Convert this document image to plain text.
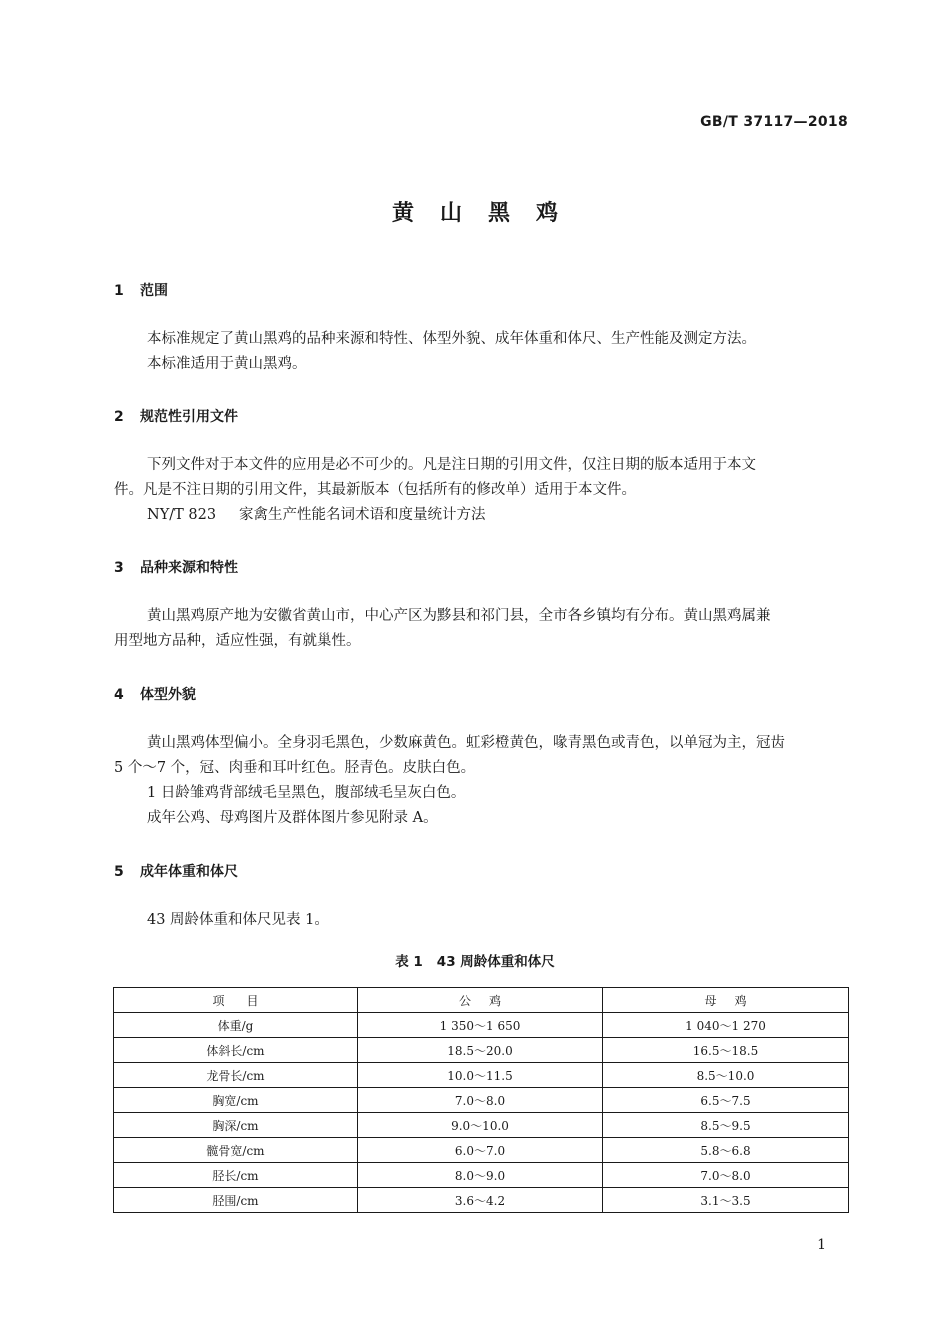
GB/T 37117—2018
黄山黑鸡
1 范围
本标准规定了黄山黑鸡的品种来源和特性、体型外貌、成年体重和体尺、生产性能及测定方法。
本标准适用于黄山黑鸡。
2 规范性引用文件
下列文件对于本文件的应用是必不可少的。凡是注日期的引用文件，仅注日期的版本适用于本文
件。凡是不注日期的引用文件，其最新版本（包括所有的修改单）适用于本文件。
NY/T 823 家禽生产性能名词术语和度量统计方法
3 品种来源和特性
黄山黑鸡原产地为安徽省黄山市，中心产区为黟县和祁门县，全市各乡镇均有分布。黄山黑鸡属兼
用型地方品种，适应性强，有就巢性。
4 体型外貌
黄山黑鸡体型偏小。全身羽毛黑色，少数麻黄色。虹彩橙黄色，喙青黑色或青色，以单冠为主，冠齿
5 个～7 个，冠、肉垂和耳叶红色。胫青色。皮肤白色。
1 日龄雏鸡背部绒毛呈黑色，腹部绒毛呈灰白色。
成年公鸡、母鸡图片及群体图片参见附录 A。
5 成年体重和体尺
43 周龄体重和体尺见表 1。
表 1 43 周龄体重和体尺
项目	公鸡	母鸡
体重/g	1 350～1 650	1 040～1 270
体斜长/cm	18.5～20.0	16.5～18.5
龙骨长/cm	10.0～11.5	8.5～10.0
胸宽/cm	7.0～8.0	6.5～7.5
胸深/cm	9.0～10.0	8.5～9.5
髋骨宽/cm	6.0～7.0	5.8～6.8
胫长/cm	8.0～9.0	7.0～8.0
胫围/cm	3.6～4.2	3.1～3.5
1
